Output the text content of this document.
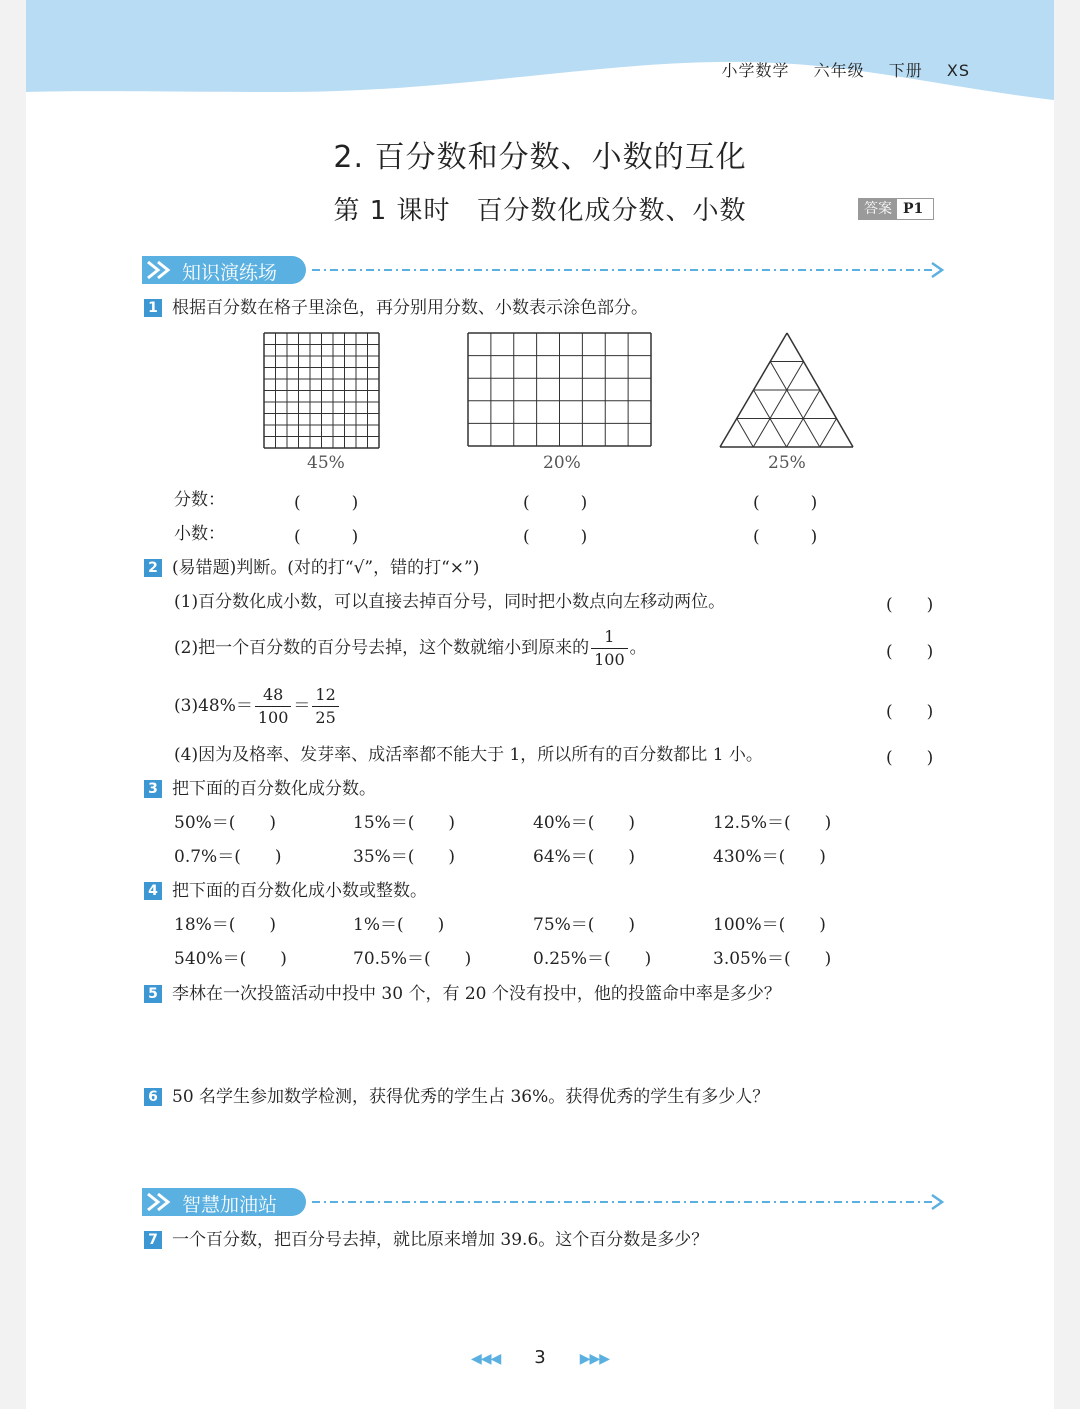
小学数学 六年级 下册 XS
2. 百分数和分数、小数的互化
第 1 课时 百分数化成分数、小数	答案 P1
知识演练场
1 根据百分数在格子里涂色，再分别用分数、小数表示涂色部分。
45%	20%	25%
分数：	(　　　)	(　　　)	(　　　)
小数：	(　　　)	(　　　)	(　　　)
2 (易错题)判断。(对的打“√”，错的打“×”)
(1)百分数化成小数，可以直接去掉百分号，同时把小数点向左移动两位。	(　　)
(2)把一个百分数的百分号去掉，这个数就缩小到原来的 $\frac{1}{100}$ 。	(　　)
$(3)48\%= \frac{48}{100} = \frac{12}{25}$	(　　)
(4)因为及格率、发芽率、成活率都不能大于 1，所以所有的百分数都比 1 小。	(　　)
3 把下面的百分数化成分数。
50%＝(　　)	15%＝(　　)	40%＝(　　)	12.5%＝(　　)
0.7%＝(　　)	35%＝(　　)	64%＝(　　)	430%＝(　　)
4 把下面的百分数化成小数或整数。
18%＝(　　)	1%＝(　　)	75%＝(　　)	100%＝(　　)
540%＝(　　)	70.5%＝(　　)	0.25%＝(　　)	3.05%＝(　　)
5 李林在一次投篮活动中投中 30 个，有 20 个没有投中，他的投篮命中率是多少？
6 50 名学生参加数学检测，获得优秀的学生占 36%。获得优秀的学生有多少人？
智慧加油站
7 一个百分数，把百分号去掉，就比原来增加 39.6。这个百分数是多少？
◀◀◀ 3 ▶▶▶
